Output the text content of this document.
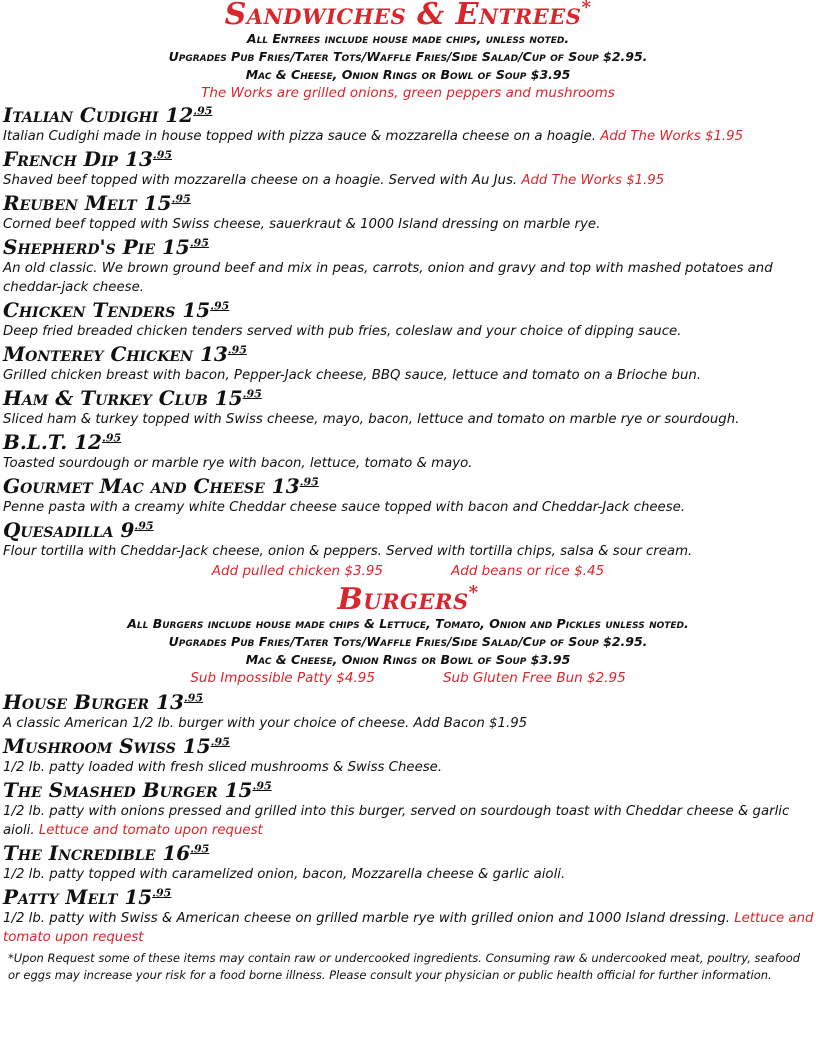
Sandwiches & Entrees*

All Entrees include house made chips, unless noted.

Upgrades Pub Fries/Tater Tots/Waffle Fries/Side Salad/Cup of Soup $2.95.

Mac & Cheese, Onion Rings or Bowl of Soup $3.95

The Works are grilled onions, green peppers and mushrooms

Italian Cudighi $12^{.95}$

Italian Cudighi made in house topped with pizza sauce & mozzarella cheese on a hoagie. Add The Works $1.95

French Dip $13^{.95}$

Shaved beef topped with mozzarella cheese on a hoagie. Served with Au Jus. Add The Works $1.95

Reuben Melt $15^{.95}$

Corned beef topped with Swiss cheese, sauerkraut & 1000 Island dressing on marble rye.

Shepherd's Pie $15^{.95}$

An old classic. We brown ground beef and mix in peas, carrots, onion and gravy and top with mashed potatoes and cheddar-jack cheese.

Chicken Tenders $15^{.95}$

Deep fried breaded chicken tenders served with pub fries, coleslaw and your choice of dipping sauce.

Monterey Chicken $13^{.95}$

Grilled chicken breast with bacon, Pepper-Jack cheese, BBQ sauce, lettuce and tomato on a Brioche bun.

Ham & Turkey Club $15^{.95}$

Sliced ham & turkey topped with Swiss cheese, mayo, bacon, lettuce and tomato on marble rye or sourdough.

B.L.T. $12^{.95}$

Toasted sourdough or marble rye with bacon, lettuce, tomato & mayo.

Gourmet Mac and Cheese $13^{.95}$

Penne pasta with a creamy white Cheddar cheese sauce topped with bacon and Cheddar-Jack cheese.

Quesadilla $9^{.95}$

Flour tortilla with Cheddar-Jack cheese, onion & peppers. Served with tortilla chips, salsa & sour cream.

Add pulled chicken $3.95	Add beans or rice $.45
Burgers*

All Burgers include house made chips & Lettuce, Tomato, Onion and Pickles unless noted.

Upgrades Pub Fries/Tater Tots/Waffle Fries/Side Salad/Cup of Soup $2.95.

Mac & Cheese, Onion Rings or Bowl of Soup $3.95

Sub Impossible Patty $4.95	Sub Gluten Free Bun $2.95

House Burger $13^{.95}$

A classic American 1/2 lb. burger with your choice of cheese. Add Bacon $1.95

Mushroom Swiss $15^{.95}$

1/2 lb. patty loaded with fresh sliced mushrooms & Swiss Cheese.

The Smashed Burger $15^{.95}$

1/2 lb. patty with onions pressed and grilled into this burger, served on sourdough toast with Cheddar cheese & garlic aioli. Lettuce and tomato upon request

The Incredible $16^{.95}$

1/2 lb. patty topped with caramelized onion, bacon, Mozzarella cheese & garlic aioli.

Patty Melt $15^{.95}$

1/2 lb. patty with Swiss & American cheese on grilled marble rye with grilled onion and 1000 Island dressing. Lettuce and tomato upon request

*Upon Request some of these items may contain raw or undercooked ingredients. Consuming raw & undercooked meat, poultry, seafood or eggs may increase your risk for a food borne illness. Please consult your physician or public health official for further information.
